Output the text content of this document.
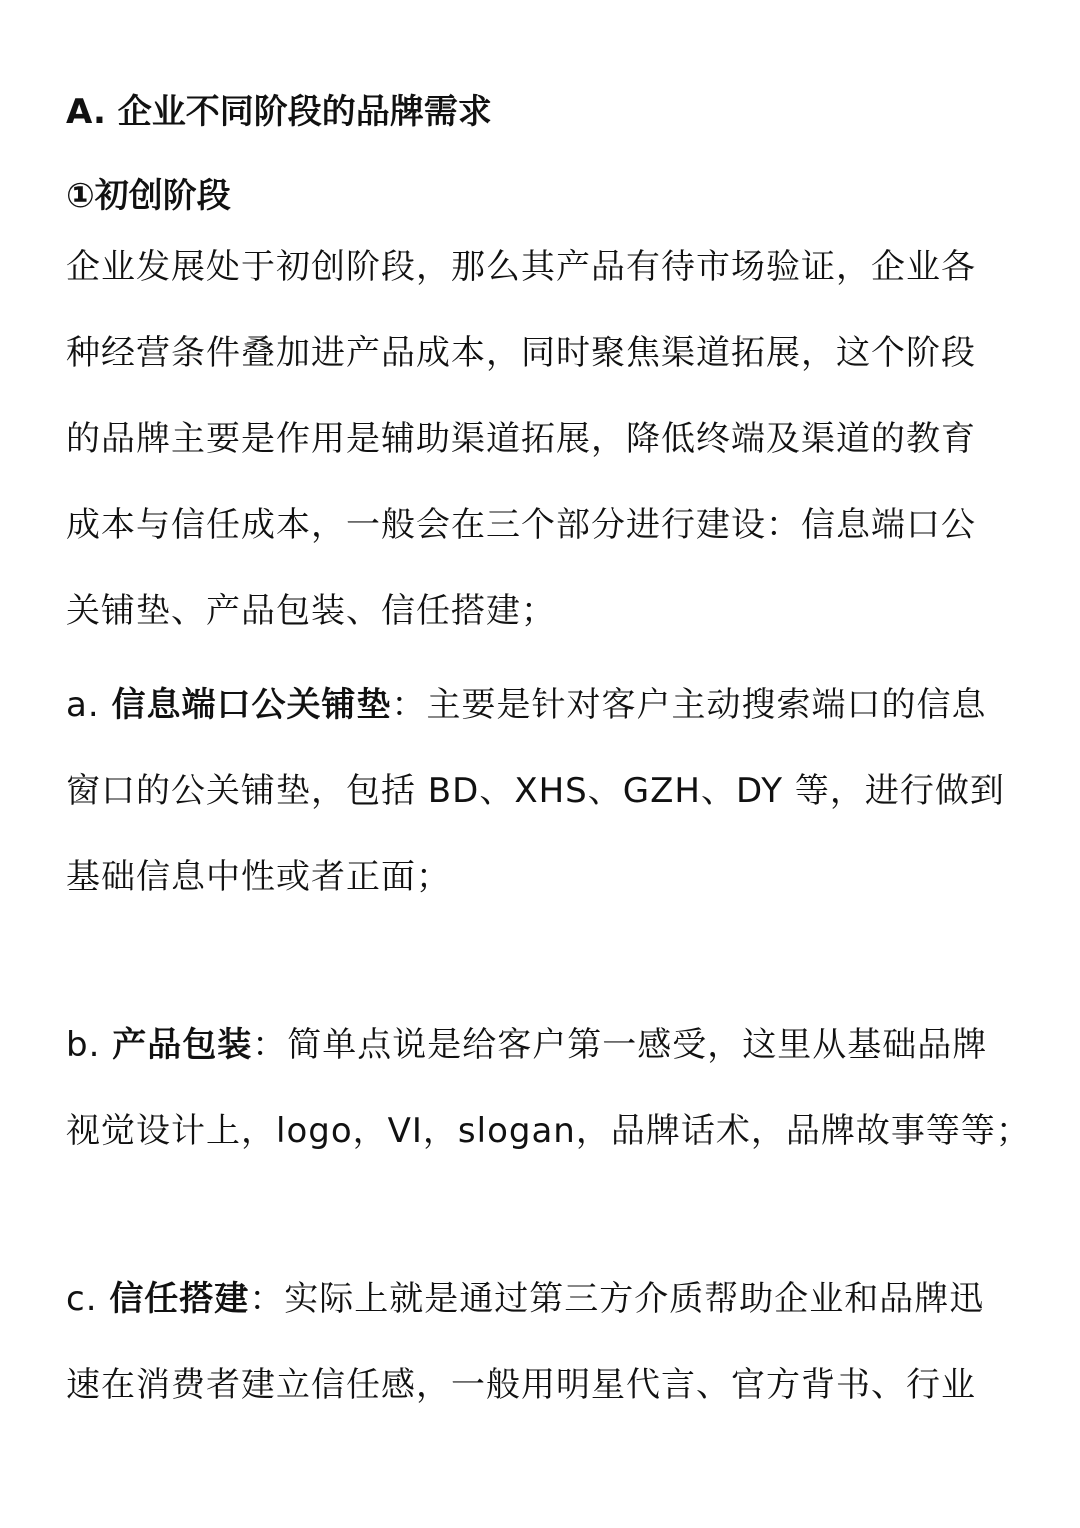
A. 企业不同阶段的品牌需求
①初创阶段

企业发展处于初创阶段，那么其产品有待市场验证，企业各
种经营条件叠加进产品成本，同时聚焦渠道拓展，这个阶段
的品牌主要是作用是辅助渠道拓展，降低终端及渠道的教育
成本与信任成本，一般会在三个部分进行建设：信息端口公
关铺垫、产品包装、信任搭建；

a. 信息端口公关铺垫：主要是针对客户主动搜索端口的信息
窗口的公关铺垫，包括 BD、XHS、GZH、DY 等，进行做到
基础信息中性或者正面；

b. 产品包装：简单点说是给客户第一感受，这里从基础品牌
视觉设计上，logo，VI，slogan，品牌话术，品牌故事等等；

c. 信任搭建：实际上就是通过第三方介质帮助企业和品牌迅
速在消费者建立信任感，一般用明星代言、官方背书、行业
